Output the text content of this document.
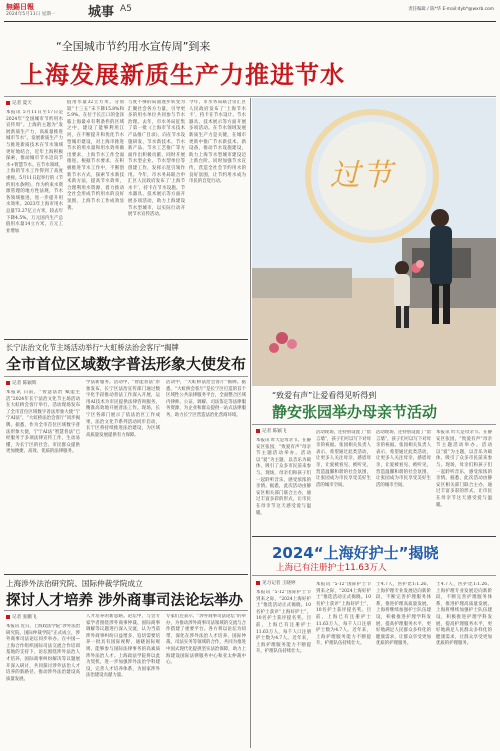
無錫日報
2024年5月11日 星期一	城事 A5	责任编辑 / 陈*华 E-mail:dyb*@wxrb.com
“全国城市节约用水宣传周”到来
上海发展新质生产力推进节水
记者 夏天

本报讯 5月11日至17日是2024年“全国城市节约用水宣传周”。上海的主题为“发展新质生产力，高质量推进城市节水”。发展新质生产力与推进新质技术在节水领域更好地结合，近年上海积极探索，推动城市节水迈向节水+智慧节水。在节水领域，上海的节水工作得到了高度重视。5月11日起举行的《节约用水条例》，作为约束水资源管理的地方性法规，节水各领域推进，进一步提升用水效率。2023年上海市用水总量73.27亿立方米，较去年下降4.5%。万元国内生产总值用水量14立方米，万元工业增加

值用水量32立方米，分别较“十三五”末下降15.8%和5.9%。在位于长江口的金泽临上海最卓有利条件的区域之中，建设了能够利用江河，在不断提升和优化节水型城市建设，对上海市推进节水的用水量和用水效率做出要求，上海节水工作全面推进。根据节水要求，在积极推进节水工作中，不断创新节水方式，探索节水新技术新方法，提高节水效率，合理利用水资源，着力推动全社会形成节约用水的良好氛围，上海节水工作成效显著。

与度不够的局面逐步转变为汇聚社会各方力量，引导更多的用水单位共同参与节水治理。去年，市水务局征集了第一批《上海市节水技术产品推广目录》，向在节水设施研发、节水新技术、节水新产品、节水工艺推广等方面作出积极贡献，同时开展节水型企业、节水型单位等创建工作，发挥示范引领作用。今年，市水务局联合申汇区人民政府发布了‘上海节水卡’，持卡在节水设施、节水器具、技术展示等方面开展多项活动，助力上海建设节水型城市，以实际行动开展节水宣传活动。

今年，市水务局联合崇汇区人民政府发布了‘上海节水卡’，持卡在节水设计、节水器具、技术展示等方面开展多项活动。在节水领域发展新质生产力是关键，在城市更新中推广节水新技术、新设备，推动节水设施建设，助力上海节水型城市建设迈上新台阶。同时加强节水宣传，营造全社会节约用水的良好氛围，让节约用水成为市民的自觉行动。	过节
“致爱有声”让爱看得见听得到
静安张园举办母亲节活动
记者 陈颖飞

本报讯 昨天是母亲节。在静安区张园，“致爱有声”母亲节主题活动举办。活动以“爱”为主题，以音乐为载体，吸引了众多市民前来参与。现场，母亲们和孩子们一起聆听音乐，感受浓浓的亲情。据悉，此次活动由静安区相关部门联合主办，通过丰富多彩的形式，让市民在母亲节这天感受爱与温暖。

活动现场，还特别设置了“留言墙”，孩子们可以写下对母亲的祝福。张园相关负责人表示，希望通过此类活动，让更多人关注母亲、感恩母亲，让爱被看见、被听见，营造温馨和谐的社会氛围，让张园成为市民享受美好生活的城市空间。

活动现场，还特别设置了“留言墙”，孩子们可以写下对母亲的祝福。张园相关负责人表示，希望通过此类活动，让更多人关注母亲、感恩母亲，让爱被看见、被听见，营造温馨和谐的社会氛围，让张园成为市民享受美好生活的城市空间。

本报讯 昨天是母亲节。在静安区张园，“致爱有声”母亲节主题活动举办。活动以“爱”为主题，以音乐为载体，吸引了众多市民前来参与。现场，母亲们和孩子们一起聆听音乐，感受浓浓的亲情。据悉，此次活动由静安区相关部门联合主办，通过丰富多彩的形式，让市民在母亲节这天感受爱与温暖。

长宁法治文化节主场活动举行“大虹桥法治会客厅”揭牌
全市首位区域数字普法形象大使发布
记者 陈颖辉

本报讯 日前，“智慧法治 赋能生活”2024年长宁法治文化节主场活动在大虹桥会客厅举行。活动现场发布了全市首位区域数字普法形象大使“宁宁AI法”，“大虹桥法治会客厅”同步揭牌。据悉，作为全市首位区域数字普法形象大使，宁宁AI法“智慧普法”已经服务于多项法律宣传工作，生动易懂，为长宁区的社会、市民群众提供更加便捷、高效、优质的法律服务。

学法新服务。活动中，“智能普法”形象发布，长宁区法治宣传部门通过数字化手段推动普法工作深入开展，运用AI技术为市民提供法律咨询服务，精准高效地开展普法工作。现场，长宁区各部门展示了依法治区工作成果，法治文化节系列活动同步启动，长宁区将持续推进法治建设，为区域高质量发展提供有力保障。

活动中，“大虹桥法治会客厅”揭牌。据悉，“大虹桥会客厅”是长宁区打造的首个区域性公共法律服务平台，全面整合区域内律师、公证、调解、司法鉴定等法律服务资源，为企业和群众提供一站式法律服务，助力长宁区营造法治化营商环境。

上海涉外法治研究院、国际仲裁学院成立
探讨人才培养 涉外商事司法论坛举办
记者 张鹏飞

本报讯 近日，上海政法学院“涉外法治研究院、国际仲裁学院”正式成立，涉外商事司法论坛同步举办。在中国—上海合作组织国际司法交流合作培训基地的支持下，论坛围绕涉外法治人才培养、国际商事纠纷解决等议题展开深入研讨，共同探讨涉外法治人才培养的新路径，推动涉外法治建设高质量发展。

人才培养的新思路。论坛中，与会专家学者围绕涉外商事仲裁、国际商事调解等议题进行深入交流，认为当前涉外商事纠纷日益增多，迫切需要培养一批具有国际视野、通晓国际规则、能够参与国际法律事务的高素质涉外法治人才。上海政法学院将以此为契机，进一步加强涉外法治学科建设，完善人才培养体系，为国家涉外法治建设贡献力量。

专家们还表示，“涉外商事司法论坛”的举办，为推动涉外商事司法领域的交流与合作搭建了重要平台。各方将以论坛为纽带，深化在涉外法治人才培养、国际仲裁、司法实务等领域的合作，共同为推进中国式现代化提供坚实法治保障，助力上海建设国际法律服务中心和亚太仲裁中心。

2024“上海好护士”揭晓
上海已有注册护士11.63万人
见习记者 王晓婷

本报讯 “5·12”国际护士节到来之际，“2024上海好护士”推选活动正式揭晓。10名护士获评“上海好护士”，10名护士获评提名奖。目前，上海已有注册护士11.63万人，每千人口注册护士数为4.7人。近年来，上海护理服务能力不断提升，护理队伍持续壮大。

本报讯 “5·12”国际护士节到来之际，“2024上海好护士”推选活动正式揭晓。10名护士获评“上海好护士”，10名护士获评提名奖。目前，上海已有注册护士11.63万人，每千人口注册护士数为4.7人。近年来，上海护理服务能力不断提升，护理队伍持续壮大。

士4.7人，医护比1:1.26。上海护理专业发展迈向新阶段，不断完善护理服务体系，推进护理高质量发展。上海将继续加强护士队伍建设，积极推进护理学科发展，提高护理服务水平，更好地满足人民群众多样化的健康需求，让群众享受更加优质的护理服务。

士4.7人，医护比1:1.26。上海护理专业发展迈向新阶段，不断完善护理服务体系，推进护理高质量发展。上海将继续加强护士队伍建设，积极推进护理学科发展，提高护理服务水平，更好地满足人民群众多样化的健康需求，让群众享受更加优质的护理服务。
